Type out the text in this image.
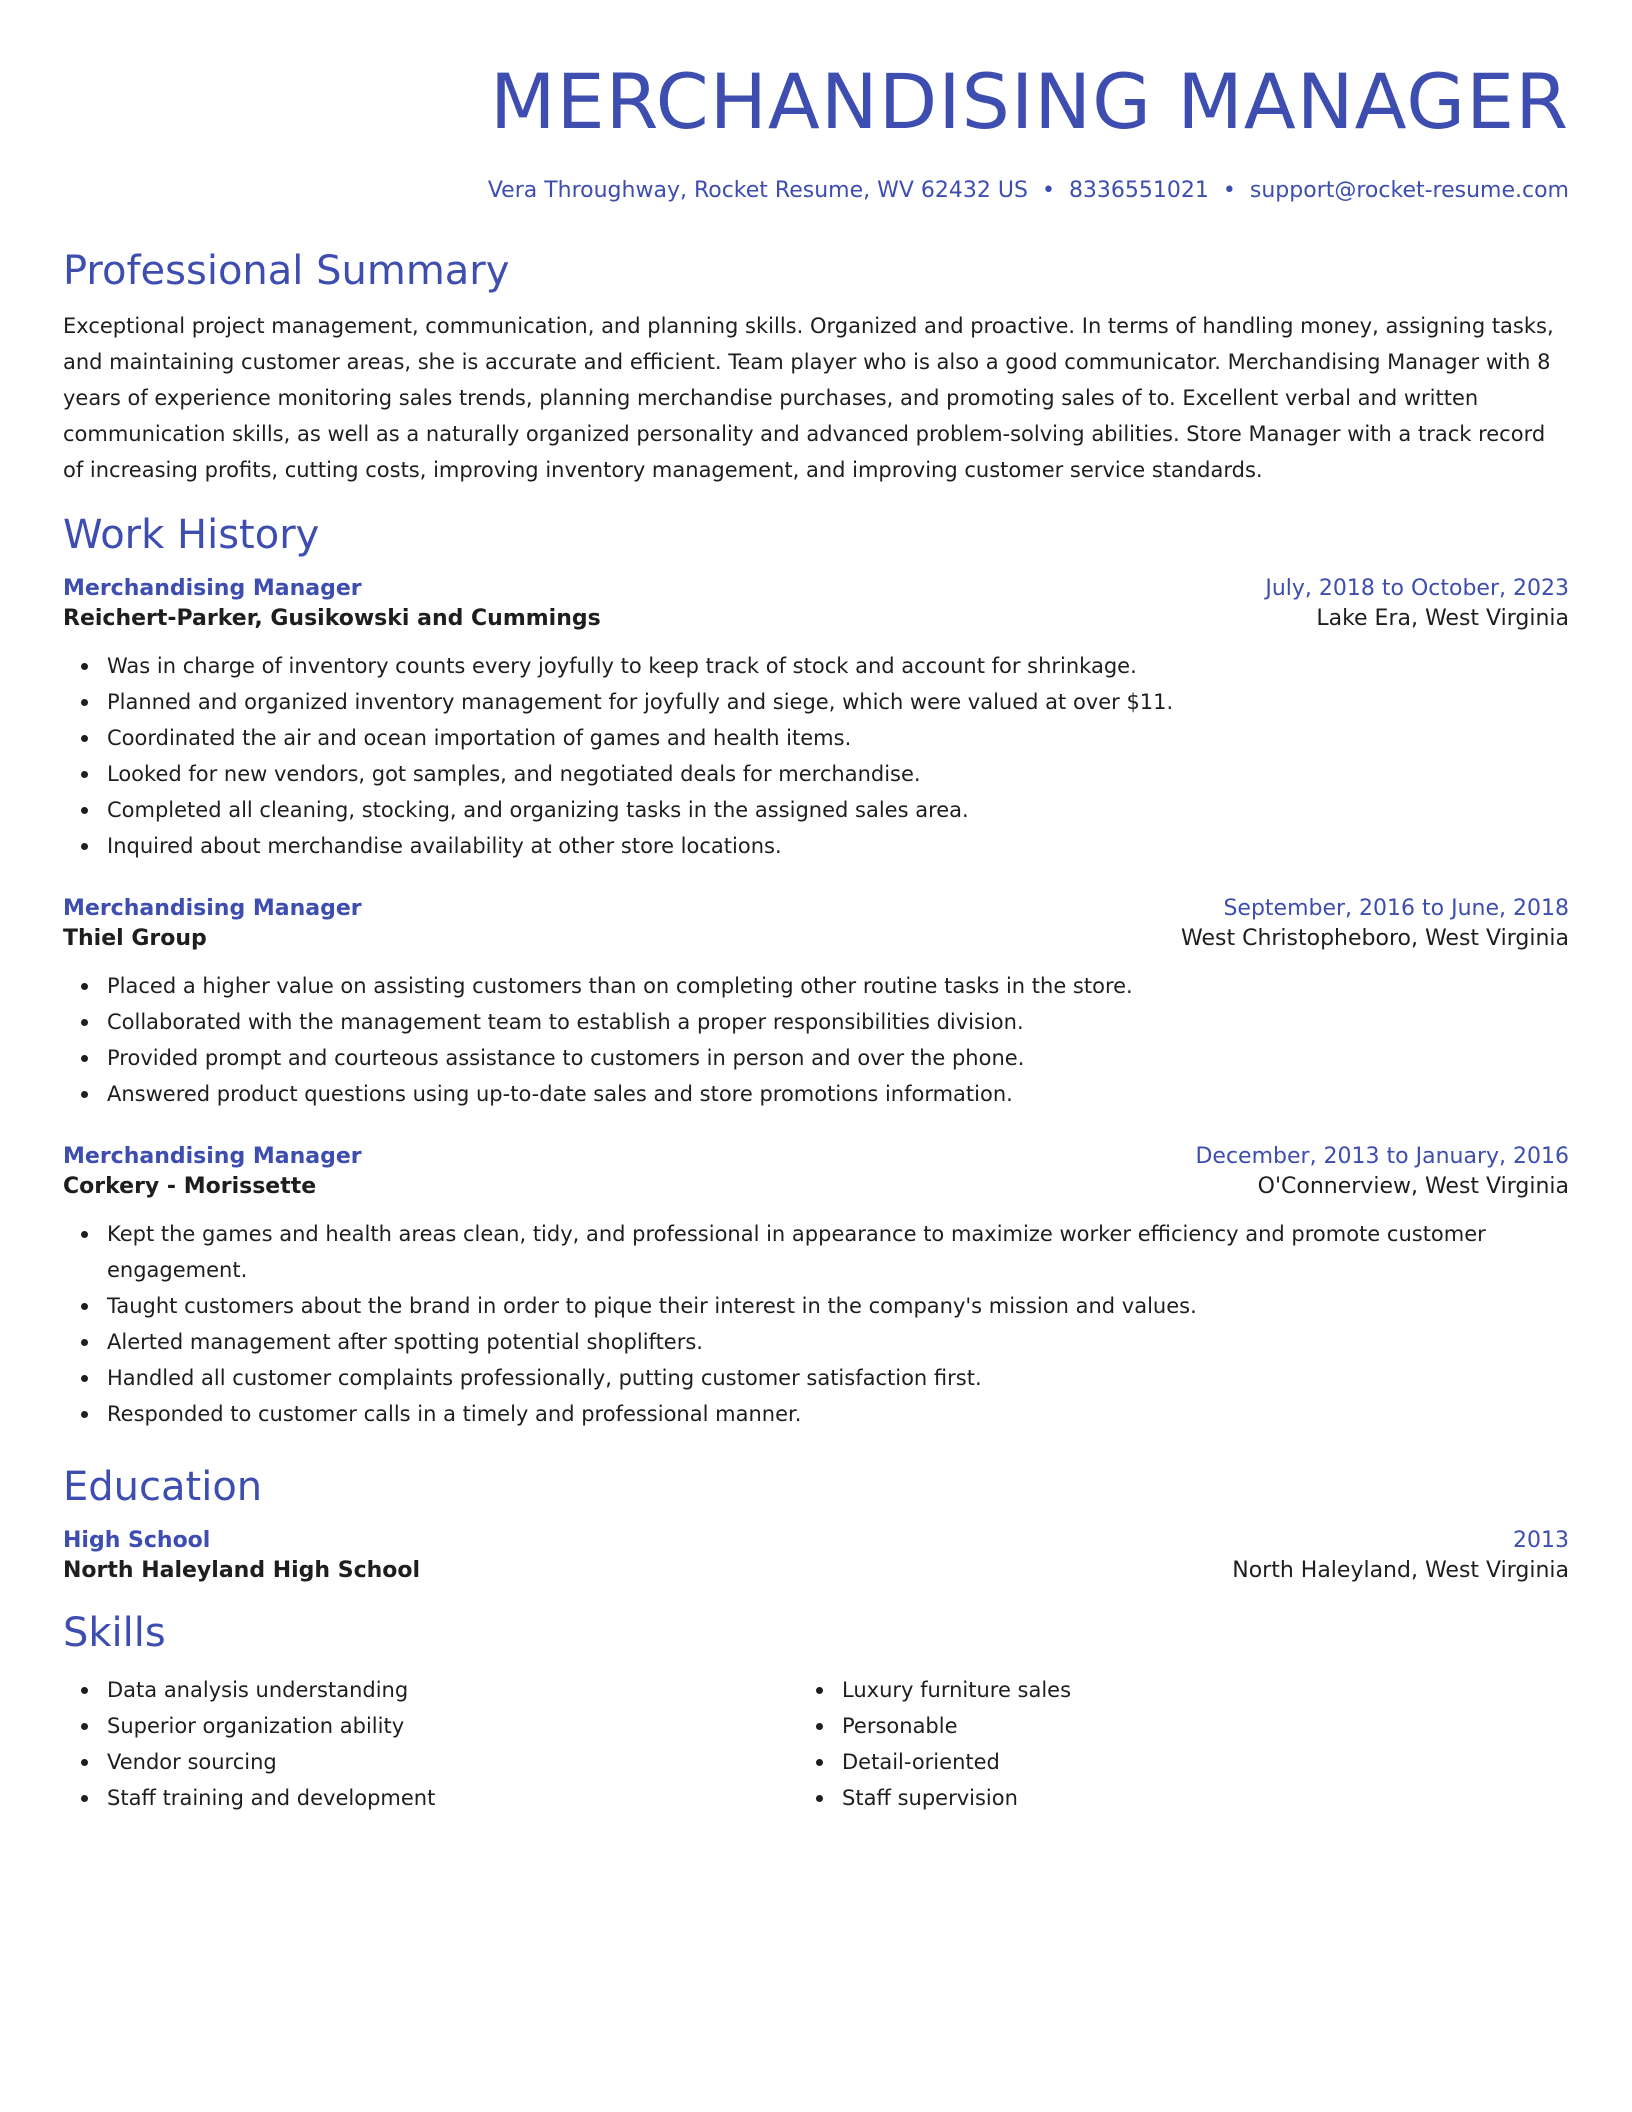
MERCHANDISING MANAGER
Vera Throughway, Rocket Resume, WV 62432 US • 8336551021 • support@rocket-resume.com
Professional Summary
Exceptional project management, communication, and planning skills. Organized and proactive. In terms of handling money, assigning tasks, and maintaining customer areas, she is accurate and efficient. Team player who is also a good communicator. Merchandising Manager with 8 years of experience monitoring sales trends, planning merchandise purchases, and promoting sales of to. Excellent verbal and written communication skills, as well as a naturally organized personality and advanced problem-solving abilities. Store Manager with a track record of increasing profits, cutting costs, improving inventory management, and improving customer service standards.
Work History
Merchandising Manager	July, 2018 to October, 2023
Reichert-Parker, Gusikowski and Cummings	Lake Era, West Virginia
Was in charge of inventory counts every joyfully to keep track of stock and account for shrinkage.
Planned and organized inventory management for joyfully and siege, which were valued at over $11.
Coordinated the air and ocean importation of games and health items.
Looked for new vendors, got samples, and negotiated deals for merchandise.
Completed all cleaning, stocking, and organizing tasks in the assigned sales area.
Inquired about merchandise availability at other store locations.
Merchandising Manager	September, 2016 to June, 2018
Thiel Group	West Christopheboro, West Virginia
Placed a higher value on assisting customers than on completing other routine tasks in the store.
Collaborated with the management team to establish a proper responsibilities division.
Provided prompt and courteous assistance to customers in person and over the phone.
Answered product questions using up-to-date sales and store promotions information.
Merchandising Manager	December, 2013 to January, 2016
Corkery - Morissette	O'Connerview, West Virginia
Kept the games and health areas clean, tidy, and professional in appearance to maximize worker efficiency and promote customer engagement.
Taught customers about the brand in order to pique their interest in the company's mission and values.
Alerted management after spotting potential shoplifters.
Handled all customer complaints professionally, putting customer satisfaction first.
Responded to customer calls in a timely and professional manner.
Education
High School	2013
North Haleyland High School	North Haleyland, West Virginia
Skills
Data analysis understanding
Superior organization ability
Vendor sourcing
Staff training and development
Luxury furniture sales
Personable
Detail-oriented
Staff supervision
